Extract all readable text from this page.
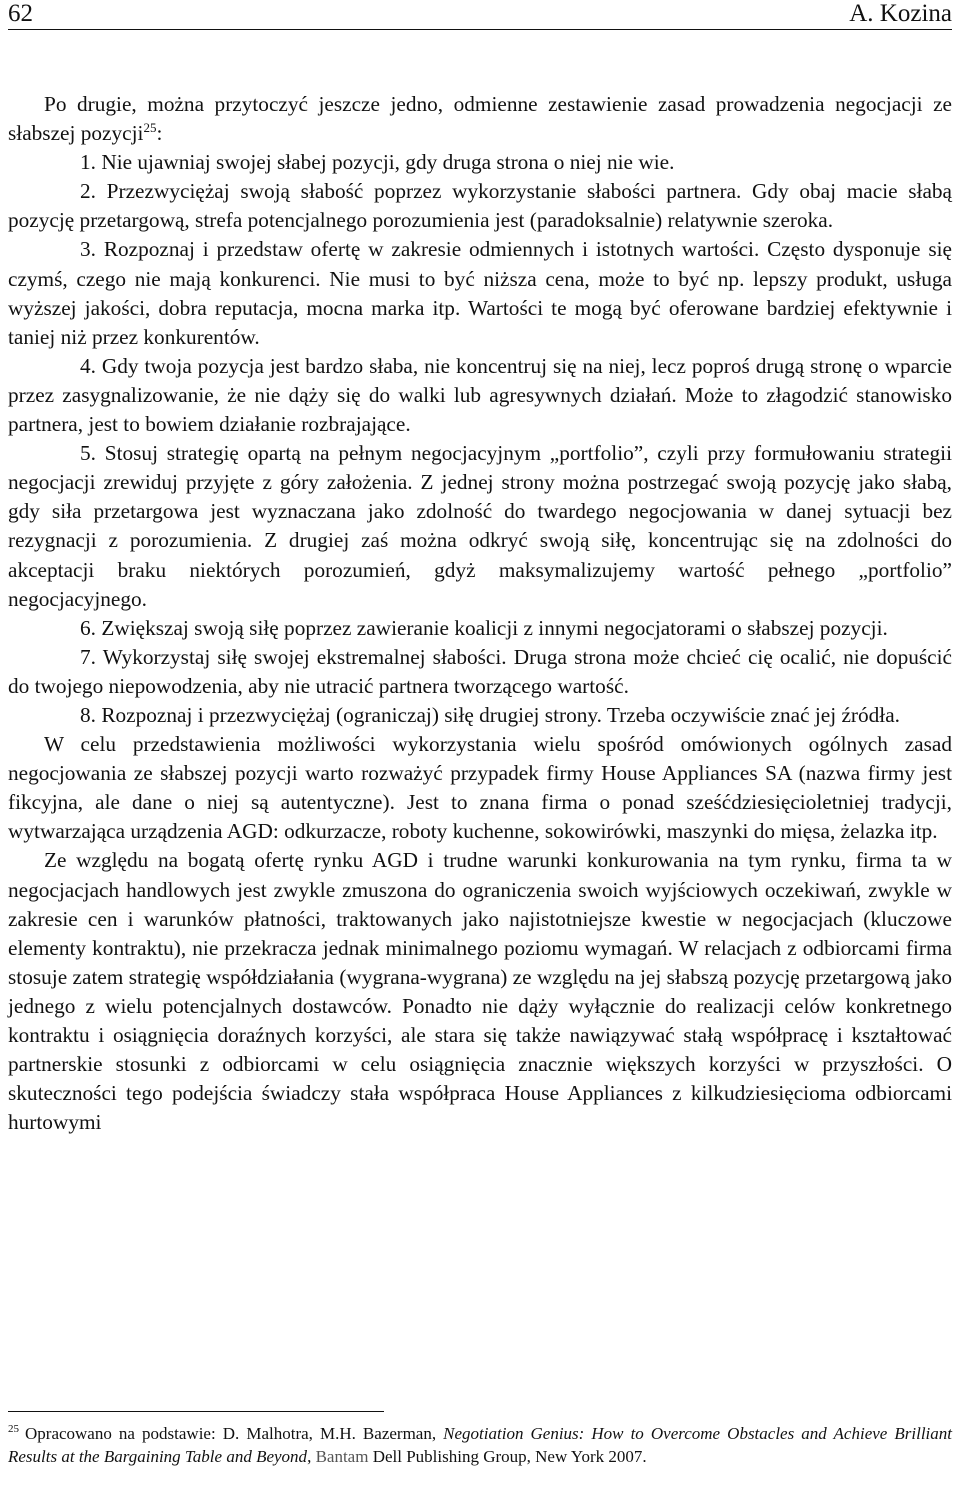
62	A. Kozina

Po drugie, można przytoczyć jeszcze jedno, odmienne zestawienie zasad prowadzenia negocjacji ze słabszej pozycji$^{25}$:

1. Nie ujawniaj swojej słabej pozycji, gdy druga strona o niej nie wie.

2. Przezwyciężaj swoją słabość poprzez wykorzystanie słabości partnera. Gdy obaj macie słabą pozycję przetargową, strefa potencjalnego porozumienia jest (paradoksalnie) relatywnie szeroka.

3. Rozpoznaj i przedstaw ofertę w zakresie odmiennych i istotnych wartości. Często dysponuje się czymś, czego nie mają konkurenci. Nie musi to być niższa cena, może to być np. lepszy produkt, usługa wyższej jakości, dobra reputacja, mocna marka itp. Wartości te mogą być oferowane bardziej efektywnie i taniej niż przez konkurentów.

4. Gdy twoja pozycja jest bardzo słaba, nie koncentruj się na niej, lecz poproś drugą stronę o wparcie przez zasygnalizowanie, że nie dąży się do walki lub agresywnych działań. Może to złagodzić stanowisko partnera, jest to bowiem działanie rozbrajające.

5. Stosuj strategię opartą na pełnym negocjacyjnym „portfolio”, czyli przy formułowaniu strategii negocjacji zrewiduj przyjęte z góry założenia. Z jednej strony można postrzegać swoją pozycję jako słabą, gdy siła przetargowa jest wyznaczana jako zdolność do twardego negocjowania w danej sytuacji bez rezygnacji z porozumienia. Z drugiej zaś można odkryć swoją siłę, koncentrując się na zdolności do akceptacji braku niektórych porozumień, gdyż maksymalizujemy wartość pełnego „portfolio” negocjacyjnego.

6. Zwiększaj swoją siłę poprzez zawieranie koalicji z innymi negocjatorami o słabszej pozycji.

7. Wykorzystaj siłę swojej ekstremalnej słabości. Druga strona może chcieć cię ocalić, nie dopuścić do twojego niepowodzenia, aby nie utracić partnera tworzącego wartość.

8. Rozpoznaj i przezwyciężaj (ograniczaj) siłę drugiej strony. Trzeba oczywiście znać jej źródła.

W celu przedstawienia możliwości wykorzystania wielu spośród omówionych ogólnych zasad negocjowania ze słabszej pozycji warto rozważyć przypadek firmy House Appliances SA (nazwa firmy jest fikcyjna, ale dane o niej są autentyczne). Jest to znana firma o ponad sześćdziesięcioletniej tradycji, wytwarzająca urządzenia AGD: odkurzacze, roboty kuchenne, sokowirówki, maszynki do mięsa, żelazka itp.

Ze względu na bogatą ofertę rynku AGD i trudne warunki konkurowania na tym rynku, firma ta w negocjacjach handlowych jest zwykle zmuszona do ograniczenia swoich wyjściowych oczekiwań, zwykle w zakresie cen i warunków płatności, traktowanych jako najistotniejsze kwestie w negocjacjach (kluczowe elementy kontraktu), nie przekracza jednak minimalnego poziomu wymagań. W relacjach z odbiorcami firma stosuje zatem strategię współdziałania (wygrana-wygrana) ze względu na jej słabszą pozycję przetargową jako jednego z wielu potencjalnych dostawców. Ponadto nie dąży wyłącznie do realizacji celów konkretnego kontraktu i osiągnięcia doraźnych korzyści, ale stara się także nawiązywać stałą współpracę i kształtować partnerskie stosunki z odbiorcami w celu osiągnięcia znacznie większych korzyści w przyszłości. O skuteczności tego podejścia świadczy stała współpraca House Appliances z kilkudziesięcioma odbiorcami hurtowymi

$^{25}$ Opracowano na podstawie: D. Malhotra, M.H. Bazerman, Negotiation Genius: How to Overcome Obstacles and Achieve Brilliant Results at the Bargaining Table and Beyond, Bantam Dell Publishing Group, New York 2007.
